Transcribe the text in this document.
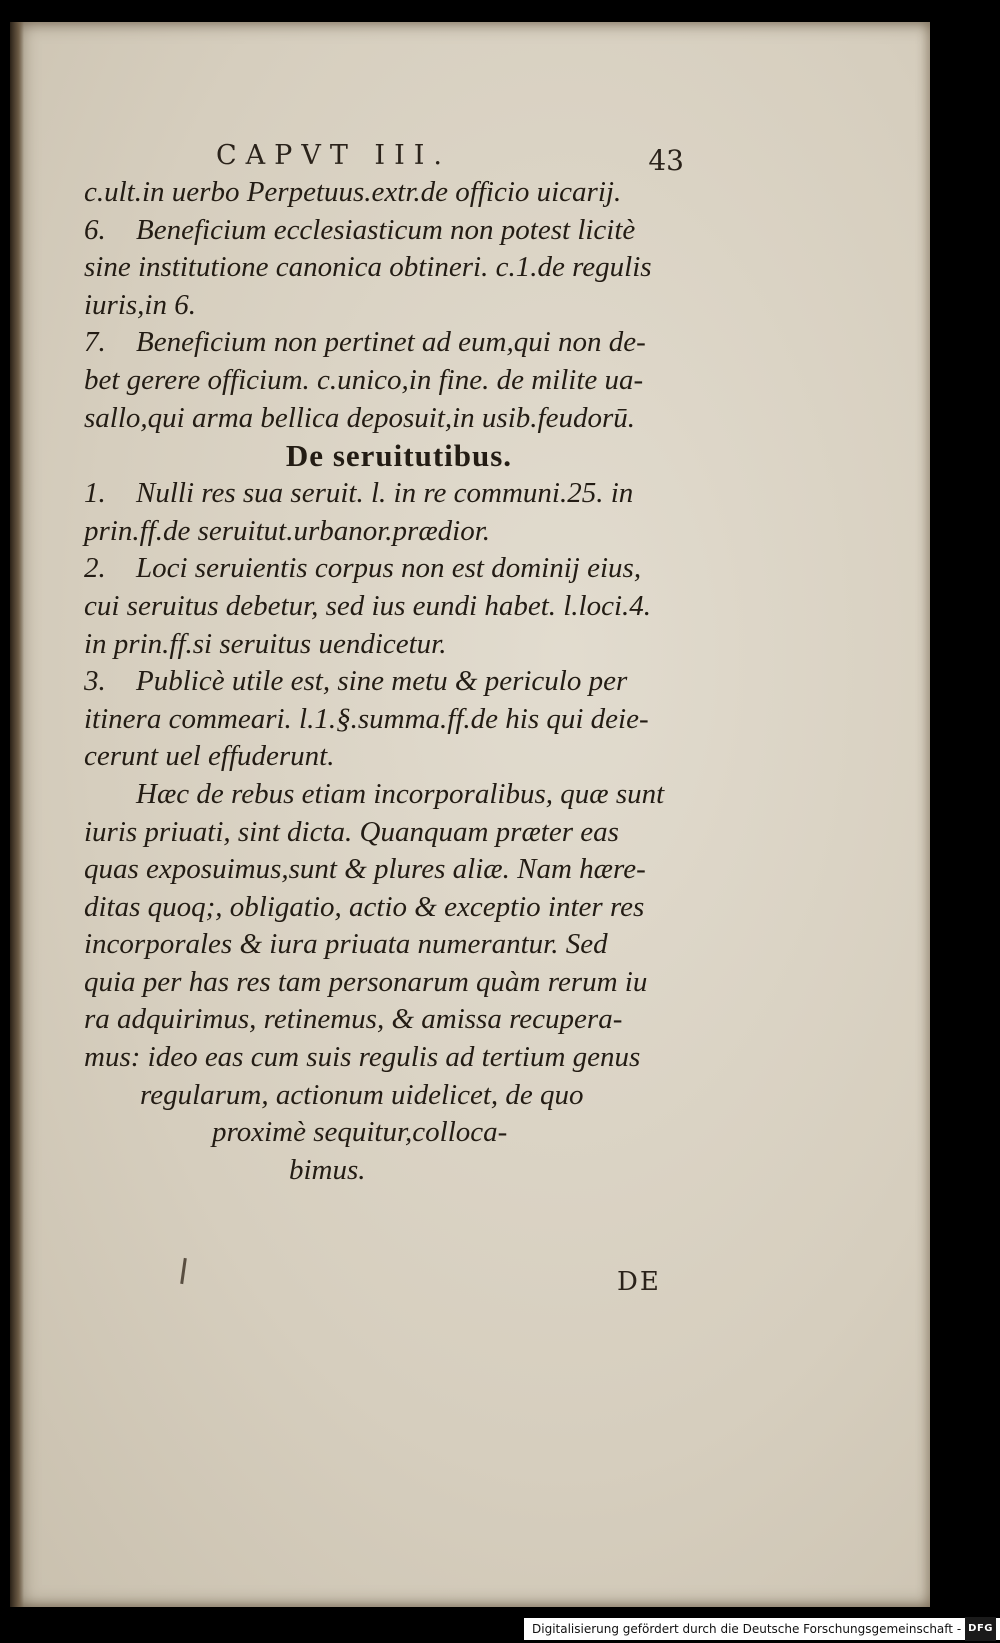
CAPVT III.	43
c.ult.in uerbo Perpetuus.extr.de officio uicarij.
6. Beneficium ecclesiasticum non potest licitè
sine institutione canonica obtineri. c.1.de regulis
iuris,in 6.
7. Beneficium non pertinet ad eum,qui non de-
bet gerere officium. c.unico,in fine. de milite ua-
sallo,qui arma bellica deposuit,in usib.feudorū.
De seruitutibus.
1. Nulli res sua seruit. l. in re communi.25. in
prin.ff.de seruitut.urbanor.prædior.
2. Loci seruientis corpus non est dominij eius,
cui seruitus debetur, sed ius eundi habet. l.loci.4.
in prin.ff.si seruitus uendicetur.
3. Publicè utile est, sine metu & periculo per
itinera commeari. l.1.§.summa.ff.de his qui deie-
cerunt uel effuderunt.
Hæc de rebus etiam incorporalibus, quæ sunt
iuris priuati, sint dicta. Quanquam præter eas
quas exposuimus,sunt & plures aliæ. Nam hære-
ditas quoq;, obligatio, actio & exceptio inter res
incorporales & iura priuata numerantur. Sed
quia per has res tam personarum quàm rerum iu
ra adquirimus, retinemus, & amissa recupera-
mus: ideo eas cum suis regulis ad tertium genus
regularum, actionum uidelicet, de quo
proximè sequitur,colloca-
bimus.
DE
Digitalisierung gefördert durch die Deutsche Forschungsgemeinschaft - DFG
